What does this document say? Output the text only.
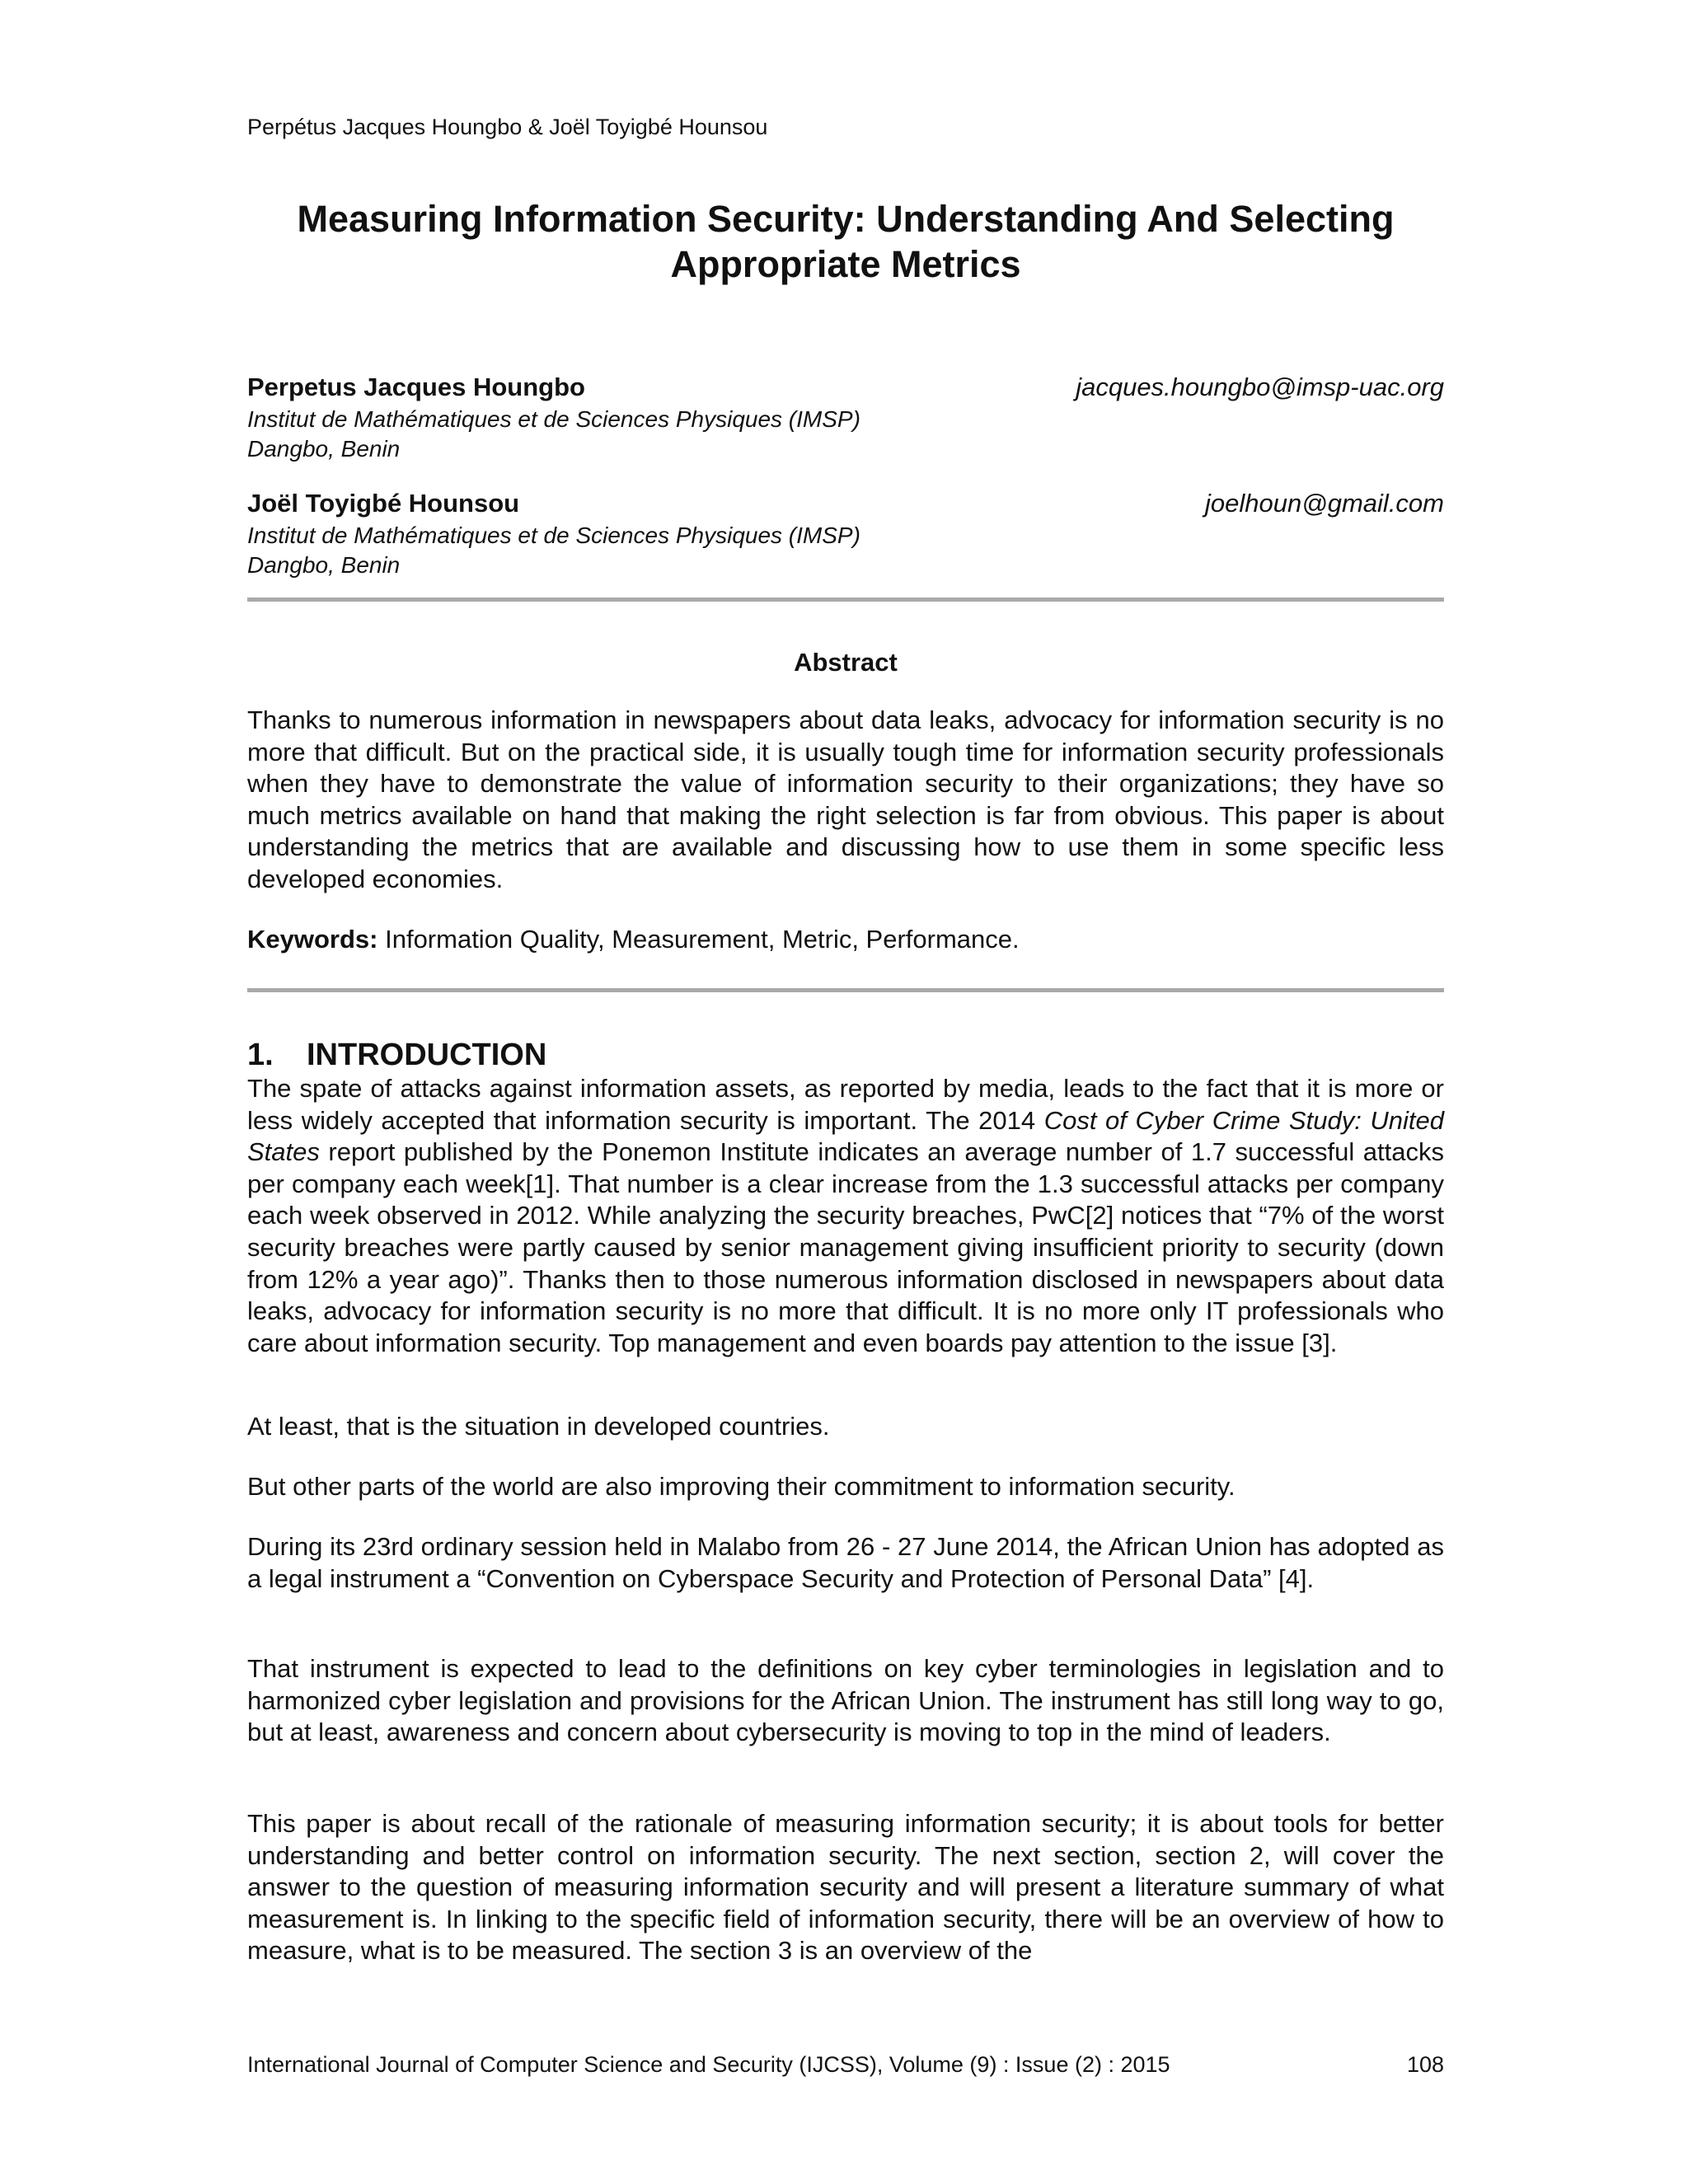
Perpétus Jacques Houngbo & Joël Toyigbé Hounsou
Measuring Information Security: Understanding And Selecting Appropriate Metrics
Perpetus Jacques Houngbo	jacques.houngbo@imsp-uac.org
Institut de Mathématiques et de Sciences Physiques (IMSP)
Dangbo, Benin
Joël Toyigbé Hounsou	joelhoun@gmail.com
Institut de Mathématiques et de Sciences Physiques (IMSP)
Dangbo, Benin
Abstract

Thanks to numerous information in newspapers about data leaks, advocacy for information security is no more that difficult. But on the practical side, it is usually tough time for information security professionals when they have to demonstrate the value of information security to their organizations; they have so much metrics available on hand that making the right selection is far from obvious. This paper is about understanding the metrics that are available and discussing how to use them in some specific less developed economies.

Keywords: Information Quality, Measurement, Metric, Performance.

1. INTRODUCTION

The spate of attacks against information assets, as reported by media, leads to the fact that it is more or less widely accepted that information security is important. The 2014 Cost of Cyber Crime Study: United States report published by the Ponemon Institute indicates an average number of 1.7 successful attacks per company each week[1]. That number is a clear increase from the 1.3 successful attacks per company each week observed in 2012. While analyzing the security breaches, PwC[2] notices that “7% of the worst security breaches were partly caused by senior management giving insufficient priority to security (down from 12% a year ago)”. Thanks then to those numerous information disclosed in newspapers about data leaks, advocacy for information security is no more that difficult. It is no more only IT professionals who care about information security. Top management and even boards pay attention to the issue [3].

At least, that is the situation in developed countries.

But other parts of the world are also improving their commitment to information security.

During its 23rd ordinary session held in Malabo from 26 - 27 June 2014, the African Union has adopted as a legal instrument a “Convention on Cyberspace Security and Protection of Personal Data” [4].

That instrument is expected to lead to the definitions on key cyber terminologies in legislation and to harmonized cyber legislation and provisions for the African Union. The instrument has still long way to go, but at least, awareness and concern about cybersecurity is moving to top in the mind of leaders.

This paper is about recall of the rationale of measuring information security; it is about tools for better understanding and better control on information security. The next section, section 2, will cover the answer to the question of measuring information security and will present a literature summary of what measurement is. In linking to the specific field of information security, there will be an overview of how to measure, what is to be measured. The section 3 is an overview of the

International Journal of Computer Science and Security (IJCSS), Volume (9) : Issue (2) : 2015	108
